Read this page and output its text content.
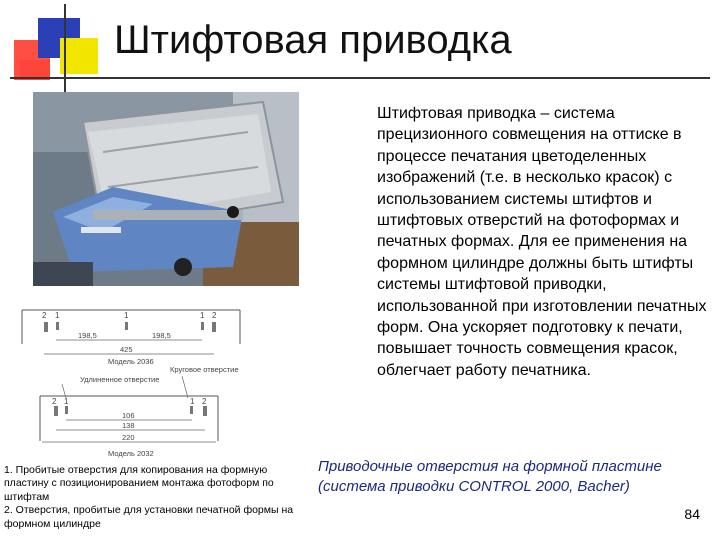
Штифтовая приводка
Штифтовая приводка – система прецизионного совмещения на оттиске в процессе печатания цветоделенных изображений (т.е. в несколько красок) с использованием системы штифтов и штифтовых отверстий на фотоформах и печатных формах. Для ее применения на формном цилиндре должны быть штифты системы штифтовой приводки, использованной при изготовлении печатных форм. Она ускоряет подготовку к печати, повышает точность совмещения красок, облегчает работу печатника.
2 1	1	1 2
198,5	198,5
425
Модель 2036
Круговое отверстие
Удлиненное отверстие
2 1	1 2
106
138
220
Модель 2032
1. Пробитые отверстия для копирования на формную пластину с позиционированием монтажа фотоформ по штифтам
2. Отверстия, пробитые для установки печатной формы на формном цилиндре
Приводочные отверстия на формной пластине (система приводки CONTROL 2000, Bacher)
84
